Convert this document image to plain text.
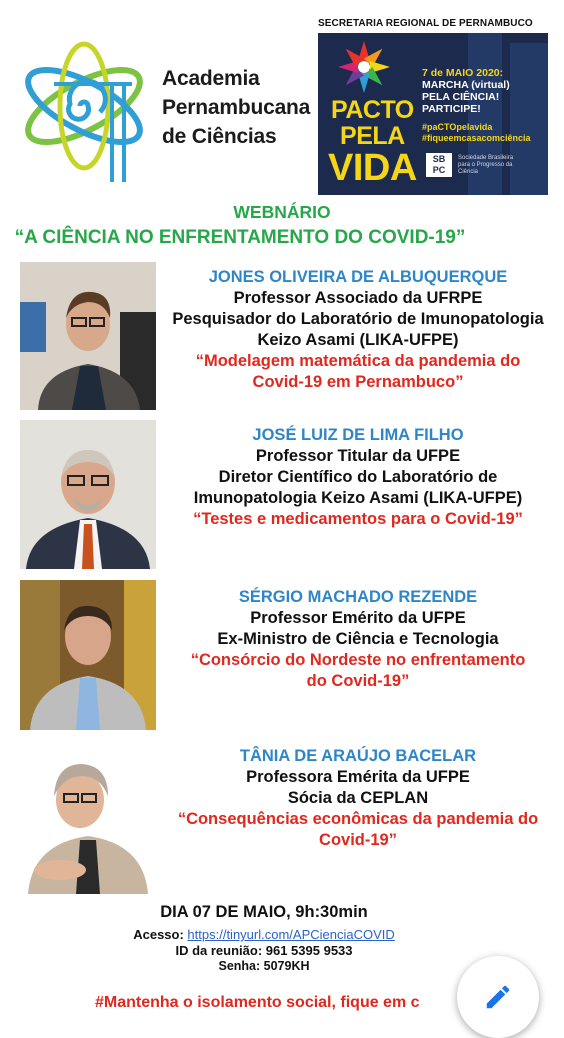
Academia
Pernambucana
de Ciências
SECRETARIA REGIONAL DE PERNAMBUCO
PACTO
PELA
VIDA
7 de MAIO 2020:
MARCHA (virtual)
PELA CIÊNCIA!
PARTICIPE!
#paCTOpelavida
#fiqueemcasacomciência
SB
PC
Sociedade Brasileira para o Progresso da Ciência
WEBNÁRIO
“A CIÊNCIA NO ENFRENTAMENTO DO COVID-19”
JONES OLIVEIRA DE ALBUQUERQUE
Professor Associado da UFRPE
Pesquisador do Laboratório de Imunopatologia
Keizo Asami (LIKA-UFPE)
“Modelagem matemática da pandemia do
Covid-19 em Pernambuco”
JOSÉ LUIZ DE LIMA FILHO
Professor Titular da UFPE
Diretor Científico do Laboratório de
Imunopatologia Keizo Asami (LIKA-UFPE)
“Testes e medicamentos para o Covid-19”
SÉRGIO MACHADO REZENDE
Professor Emérito da UFPE
Ex-Ministro de Ciência e Tecnologia
“Consórcio do Nordeste no enfrentamento
do Covid-19”
TÂNIA DE ARAÚJO BACELAR
Professora Emérita da UFPE
Sócia da CEPLAN
“Consequências econômicas da pandemia do
Covid-19”
DIA 07 DE MAIO, 9h:30min
Acesso: https://tinyurl.com/APCienciaCOVID
ID da reunião: 961 5395 9533
Senha: 5079KH
#Mantenha o isolamento social, fique em c
